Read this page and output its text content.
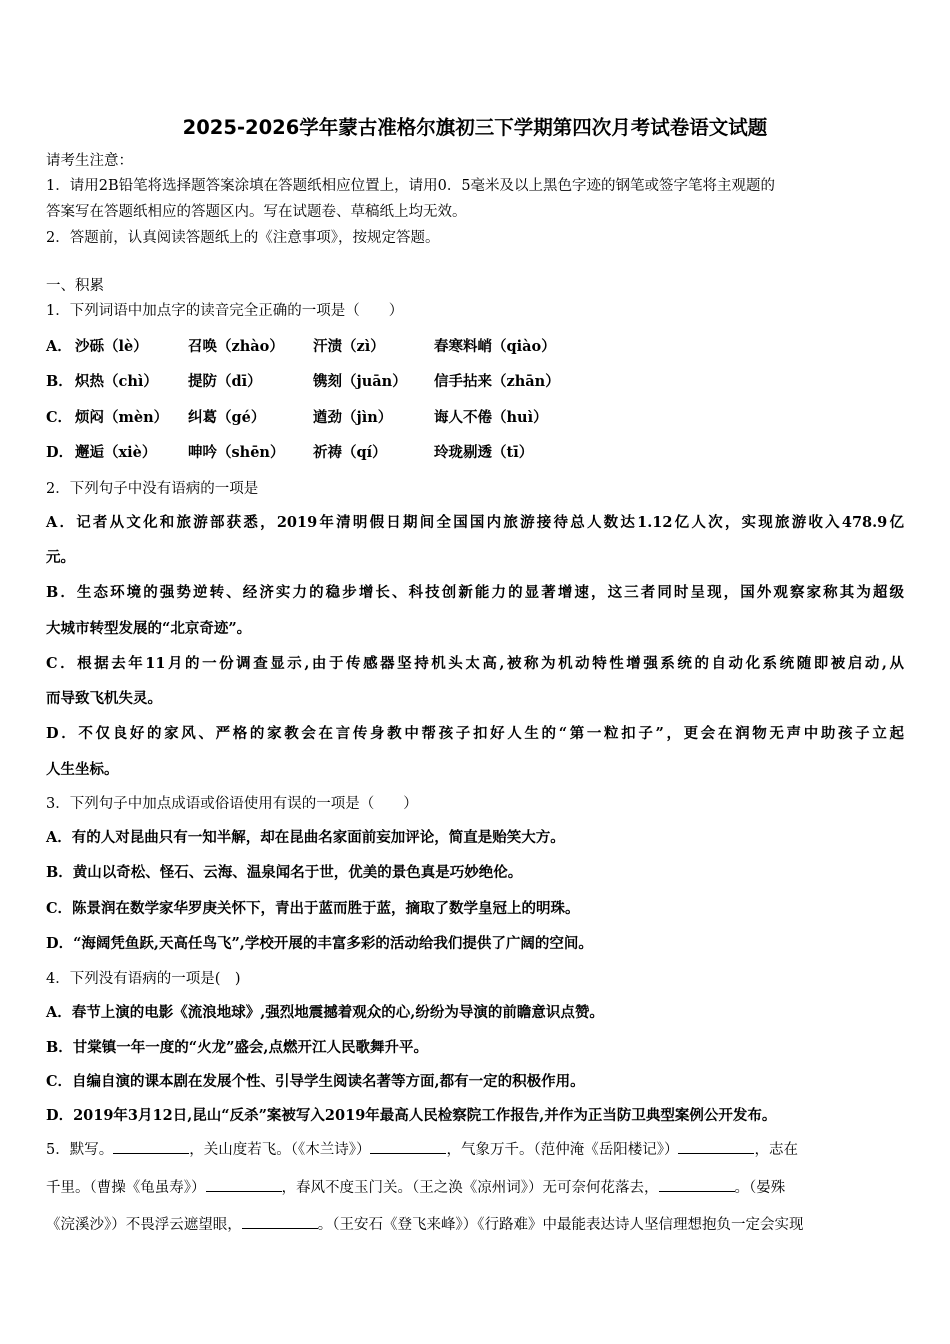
2025-2026学年蒙古准格尔旗初三下学期第四次月考试卷语文试题
请考生注意：
1．请用2B铅笔将选择题答案涂填在答题纸相应位置上，请用0．5毫米及以上黑色字迹的钢笔或签字笔将主观题的
答案写在答题纸相应的答题区内。写在试题卷、草稿纸上均无效。
2．答题前，认真阅读答题纸上的《注意事项》，按规定答题。
一、积累
1．下列词语中加点字的读音完全正确的一项是（　　）
A． 沙砾（lè）	召唤（zhào） 汗渍（zì）	春寒料峭（qiào）
B． 炽热（chì） 提防（dī）	镌刻（juān） 信手拈来（zhān）
C． 烦闷（mèn） 纠葛（gé）	遒劲（jìn）	诲人不倦（huì）
D． 邂逅（xiè） 呻吟（shēn） 祈祷（qí）	玲珑剔透（tī）
2．下列句子中没有语病的一项是
A．记者从文化和旅游部获悉，2019年清明假日期间全国国内旅游接待总人数达1.12亿人次，实现旅游收入478.9亿
元。
B．生态环境的强势逆转、经济实力的稳步增长、科技创新能力的显著增速，这三者同时呈现，国外观察家称其为超级
大城市转型发展的“北京奇迹”。
C．根据去年11月的一份调查显示,由于传感器坚持机头太高,被称为机动特性增强系统的自动化系统随即被启动,从
而导致飞机失灵。
D．不仅良好的家风、严格的家教会在言传身教中帮孩子扣好人生的“第一粒扣子”，更会在润物无声中助孩子立起
人生坐标。
3．下列句子中加点成语或俗语使用有误的一项是（　　）
A．有的人对昆曲只有一知半解，却在昆曲名家面前妄加评论，简直是贻笑大方。
B．黄山以奇松、怪石、云海、温泉闻名于世，优美的景色真是巧妙绝伦。
C．陈景润在数学家华罗庚关怀下，青出于蓝而胜于蓝，摘取了数学皇冠上的明珠。
D．“海阔凭鱼跃,天高任鸟飞”,学校开展的丰富多彩的活动给我们提供了广阔的空间。
4．下列没有语病的一项是(　)
A．春节上演的电影《流浪地球》,强烈地震撼着观众的心,纷纷为导演的前瞻意识点赞。
B．甘棠镇一年一度的“火龙”盛会,点燃开江人民歌舞升平。
C．自编自演的课本剧在发展个性、引导学生阅读名著等方面,都有一定的积极作用。
D．2019年3月12日,昆山“反杀”案被写入2019年最高人民检察院工作报告,并作为正当防卫典型案例公开发布。
5．默写。	，关山度若飞。（《木兰诗》）	，气象万千。（范仲淹《岳阳楼记》）	，志在
千里。（曹操《龟虽寿》）	，春风不度玉门关。（王之涣《凉州词》）无可奈何花落去，	。（晏殊
《浣溪沙》）不畏浮云遮望眼，	。（王安石《登飞来峰》）《行路难》中最能表达诗人坚信理想抱负一定会实现
